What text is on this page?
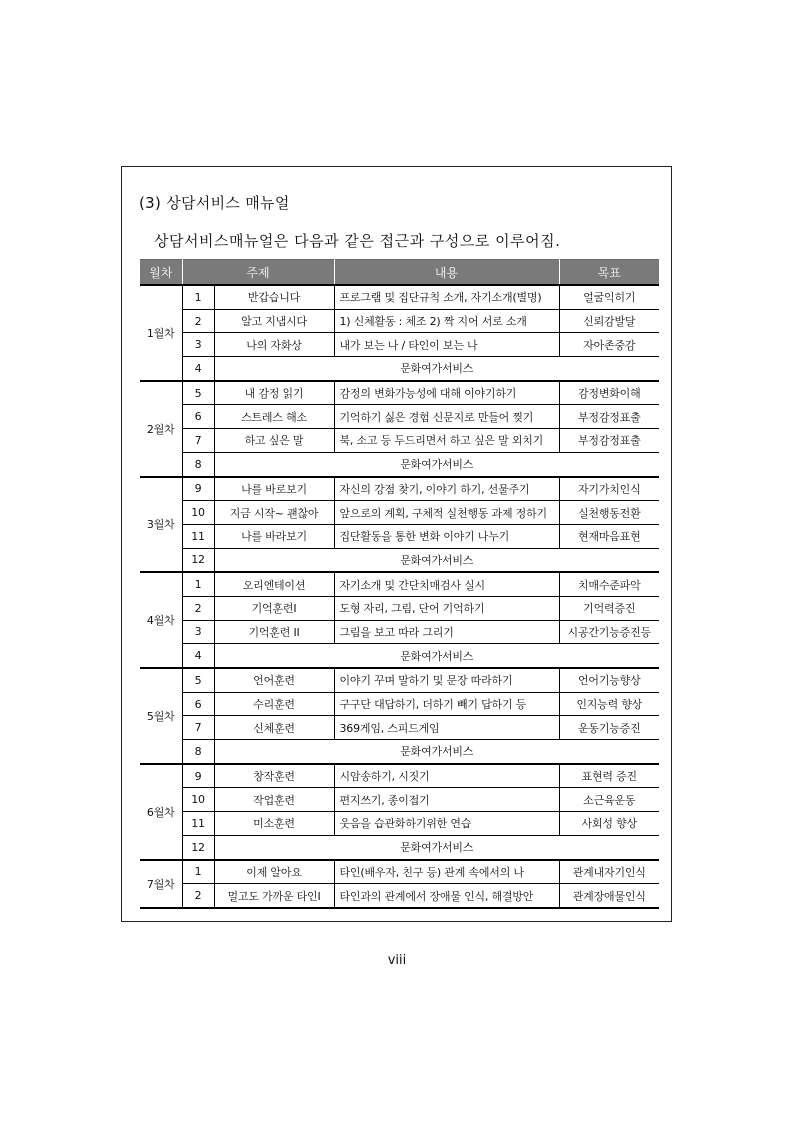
(3) 상담서비스 매뉴얼
상담서비스매뉴얼은 다음과 같은 접근과 구성으로 이루어짐.
월차	주제		내용	목표
1월차	1	반갑습니다	프로그램 및 집단규칙 소개, 자기소개(별명)	얼굴익히기
	2	알고 지냅시다	1) 신체활동 : 체조 2) 짝 지어 서로 소개	신뢰감발달
	3	나의 자화상	내가 보는 나 / 타인이 보는 나	자아존중감
	4	문화여가서비스		
2월차	5	내 감정 읽기	감정의 변화가능성에 대해 이야기하기	감정변화이해
	6	스트레스 해소	기억하기 싫은 경험 신문지로 만들어 찢기	부정감정표출
	7	하고 싶은 말	북, 소고 등 두드리면서 하고 싶은 말 외치기	부정감정표출
	8	문화여가서비스		
3월차	9	나를 바로보기	자신의 강점 찾기, 이야기 하기, 선물주기	자기가치인식
	10	지금 시작~ 괜찮아	앞으로의 계획, 구체적 실천행동 과제 정하기	실천행동전환
	11	나를 바라보기	집단활동을 통한 변화 이야기 나누기	현재마음표현
	12	문화여가서비스		
4월차	1	오리엔테이션	자기소개 및 간단치매검사 실시	치매수준파악
	2	기억훈련I	도형 자리, 그림, 단어 기억하기	기억력증진
	3	기억훈련 II	그림을 보고 따라 그리기	시공간기능증진등
	4	문화여가서비스		
5월차	5	언어훈련	이야기 꾸며 말하기 및 문장 따라하기	언어기능향상
	6	수리훈련	구구단 대답하기, 더하기 빼기 답하기 등	인지능력 향상
	7	신체훈련	369게임, 스피드게임	운동기능증진
	8	문화여가서비스		
6월차	9	창작훈련	시암송하기, 시짓기	표현력 증진
	10	작업훈련	편지쓰기, 종이접기	소근육운동
	11	미소훈련	웃음을 습관화하기위한 연습	사회성 향상
	12	문화여가서비스		
7월차	1	이제 알아요	타인(배우자, 친구 등) 관계 속에서의 나	관계내자기인식
	2	멀고도 가까운 타인I	타인과의 관계에서 장애물 인식, 해결방안	관계장애물인식
viii
